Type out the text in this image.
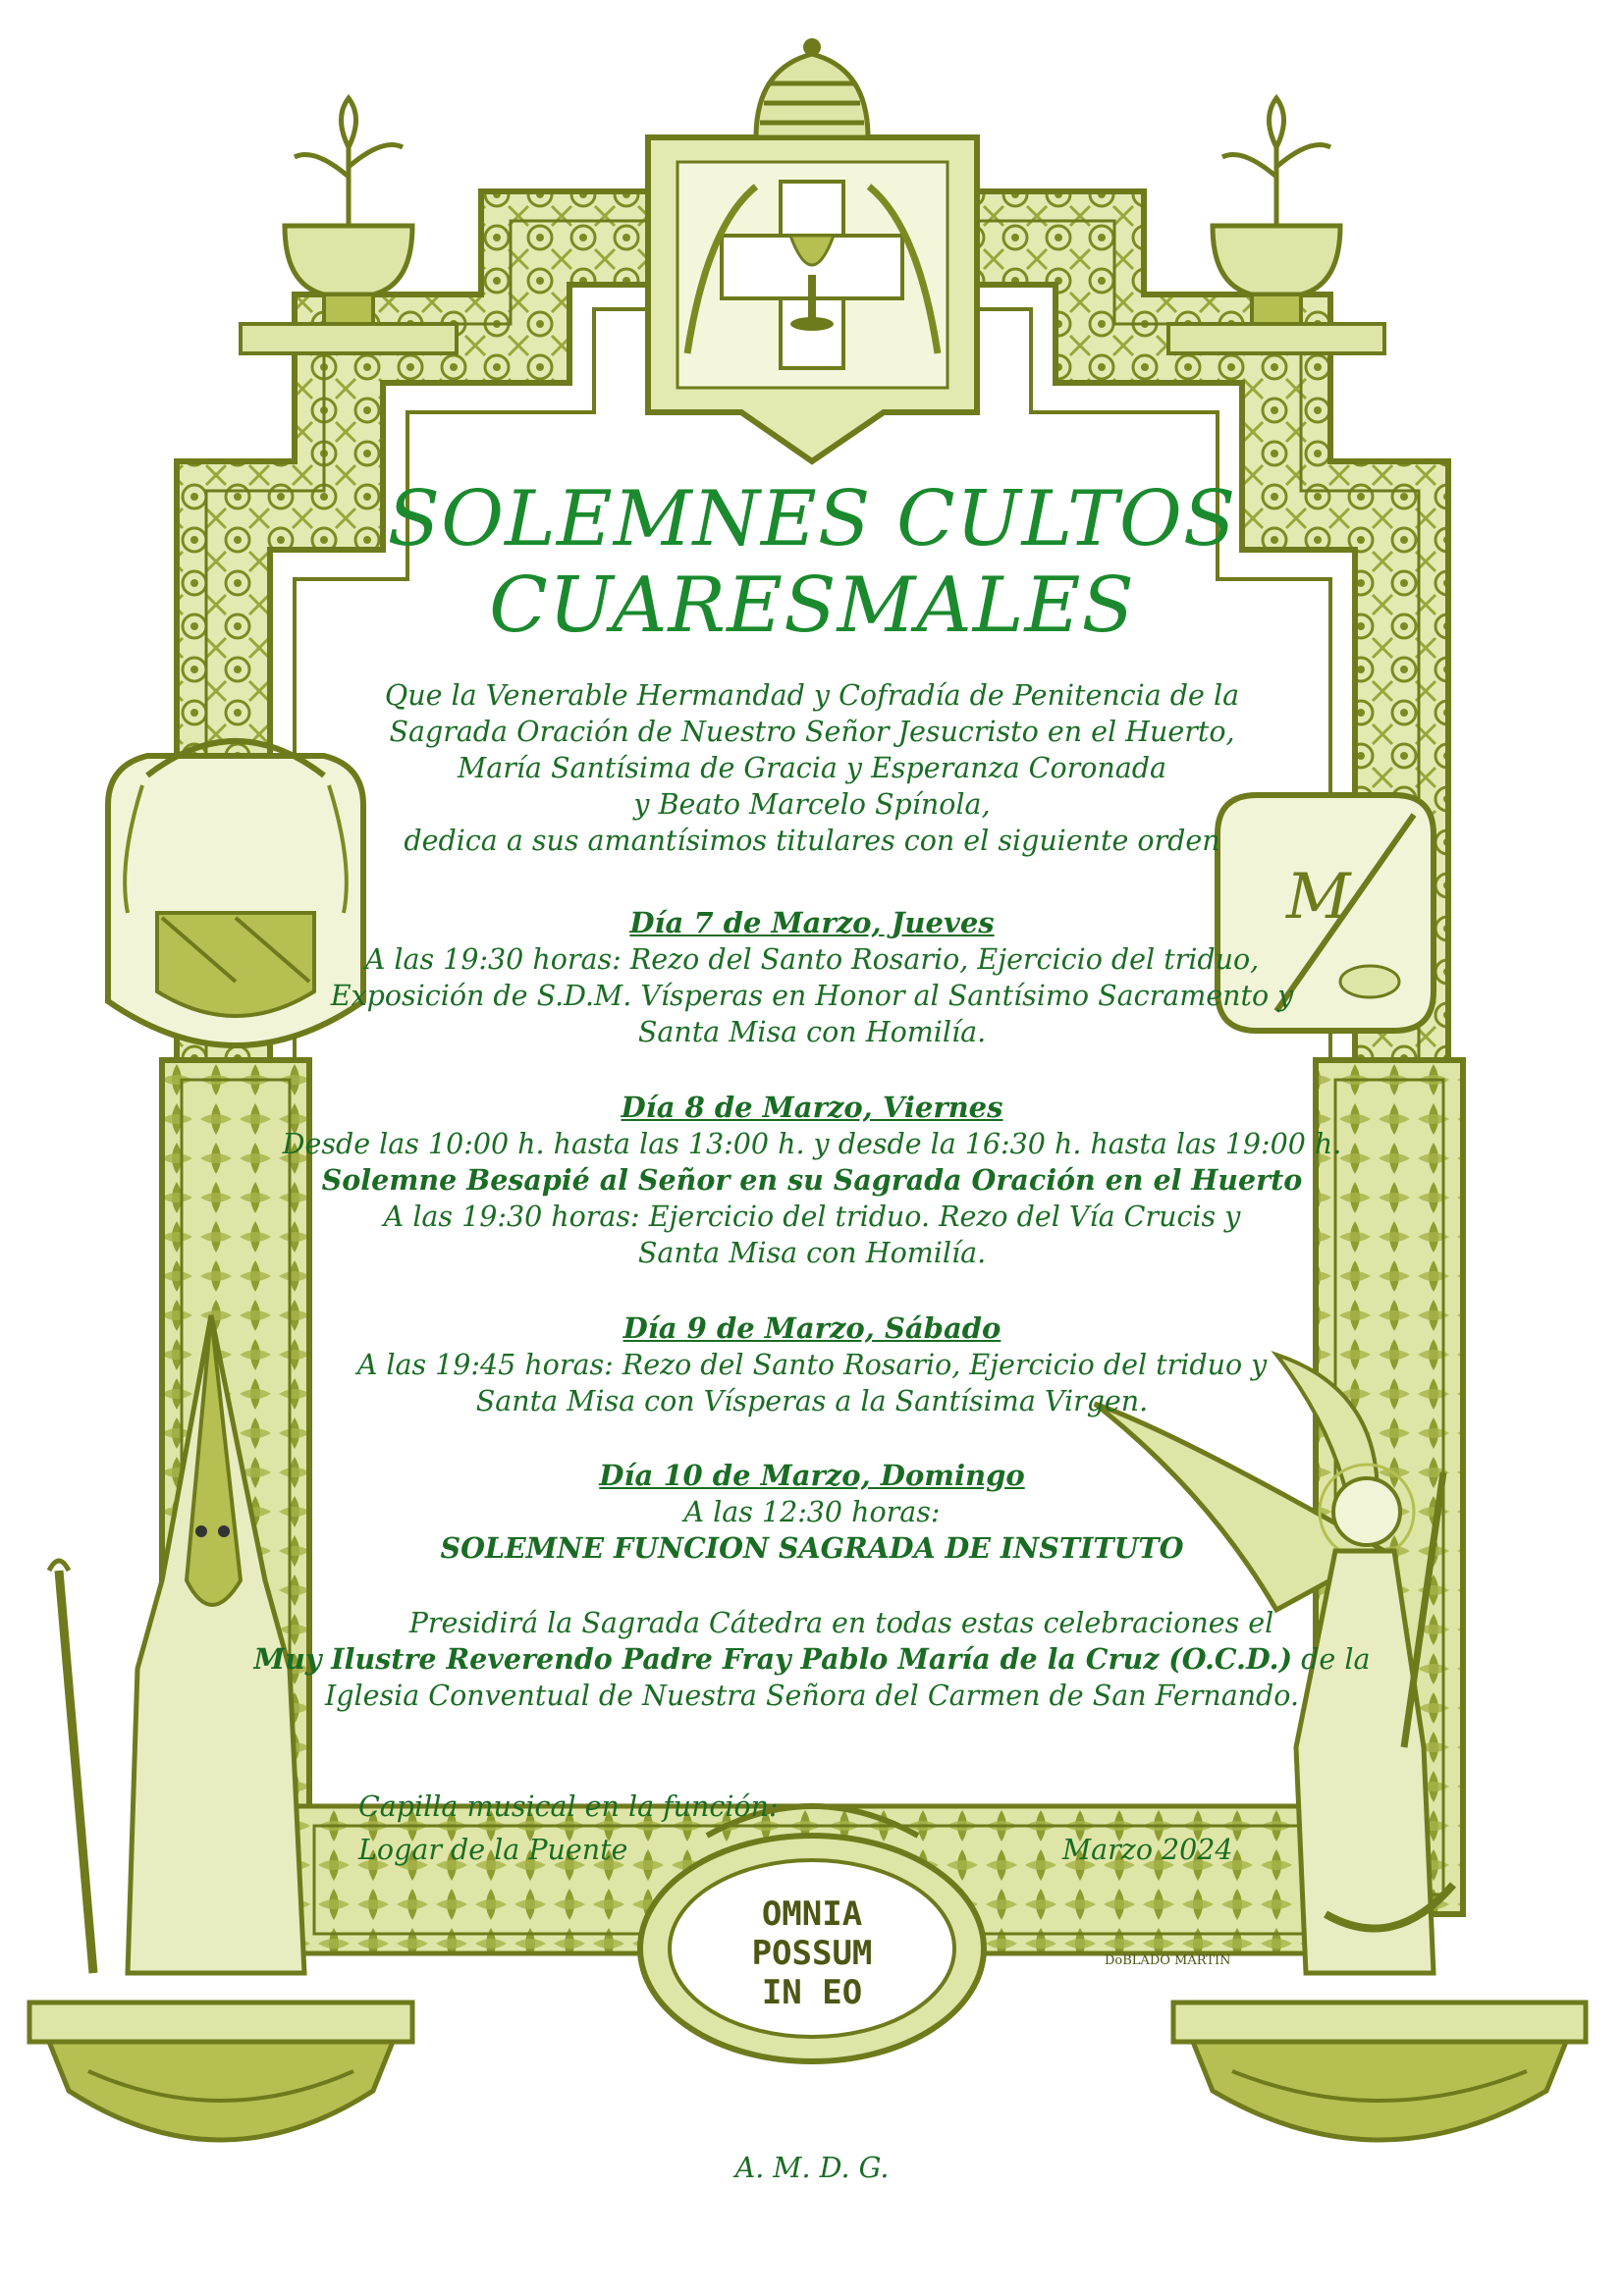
M
SOLEMNES CULTOS
CUARESMALES
Que la Venerable Hermandad y Cofradía de Penitencia de la
Sagrada Oración de Nuestro Señor Jesucristo en el Huerto,
María Santísima de Gracia y Esperanza Coronada
y Beato Marcelo Spínola,
dedica a sus amantísimos titulares con el siguiente orden
Día 7 de Marzo, Jueves
A las 19:30 horas: Rezo del Santo Rosario, Ejercicio del triduo,
Exposición de S.D.M. Vísperas en Honor al Santísimo Sacramento y
Santa Misa con Homilía.
Día 8 de Marzo, Viernes
Desde las 10:00 h. hasta las 13:00 h. y desde la 16:30 h. hasta las 19:00 h.
Solemne Besapié al Señor en su Sagrada Oración en el Huerto
A las 19:30 horas: Ejercicio del triduo. Rezo del Vía Crucis y
Santa Misa con Homilía.
Día 9 de Marzo, Sábado
A las 19:45 horas: Rezo del Santo Rosario, Ejercicio del triduo y
Santa Misa con Vísperas a la Santísima Virgen.
Día 10 de Marzo, Domingo
A las 12:30 horas:
SOLEMNE FUNCION SAGRADA DE INSTITUTO
Presidirá la Sagrada Cátedra en todas estas celebraciones el
Muy Ilustre Reverendo Padre Fray Pablo María de la Cruz (O.C.D.) de la
Iglesia Conventual de Nuestra Señora del Carmen de San Fernando.
Capilla musical en la función:
Logar de la Puente	Marzo 2024
OMNIA
POSSUM
IN EO
DoBLADO MARTIN
A. M. D. G.
